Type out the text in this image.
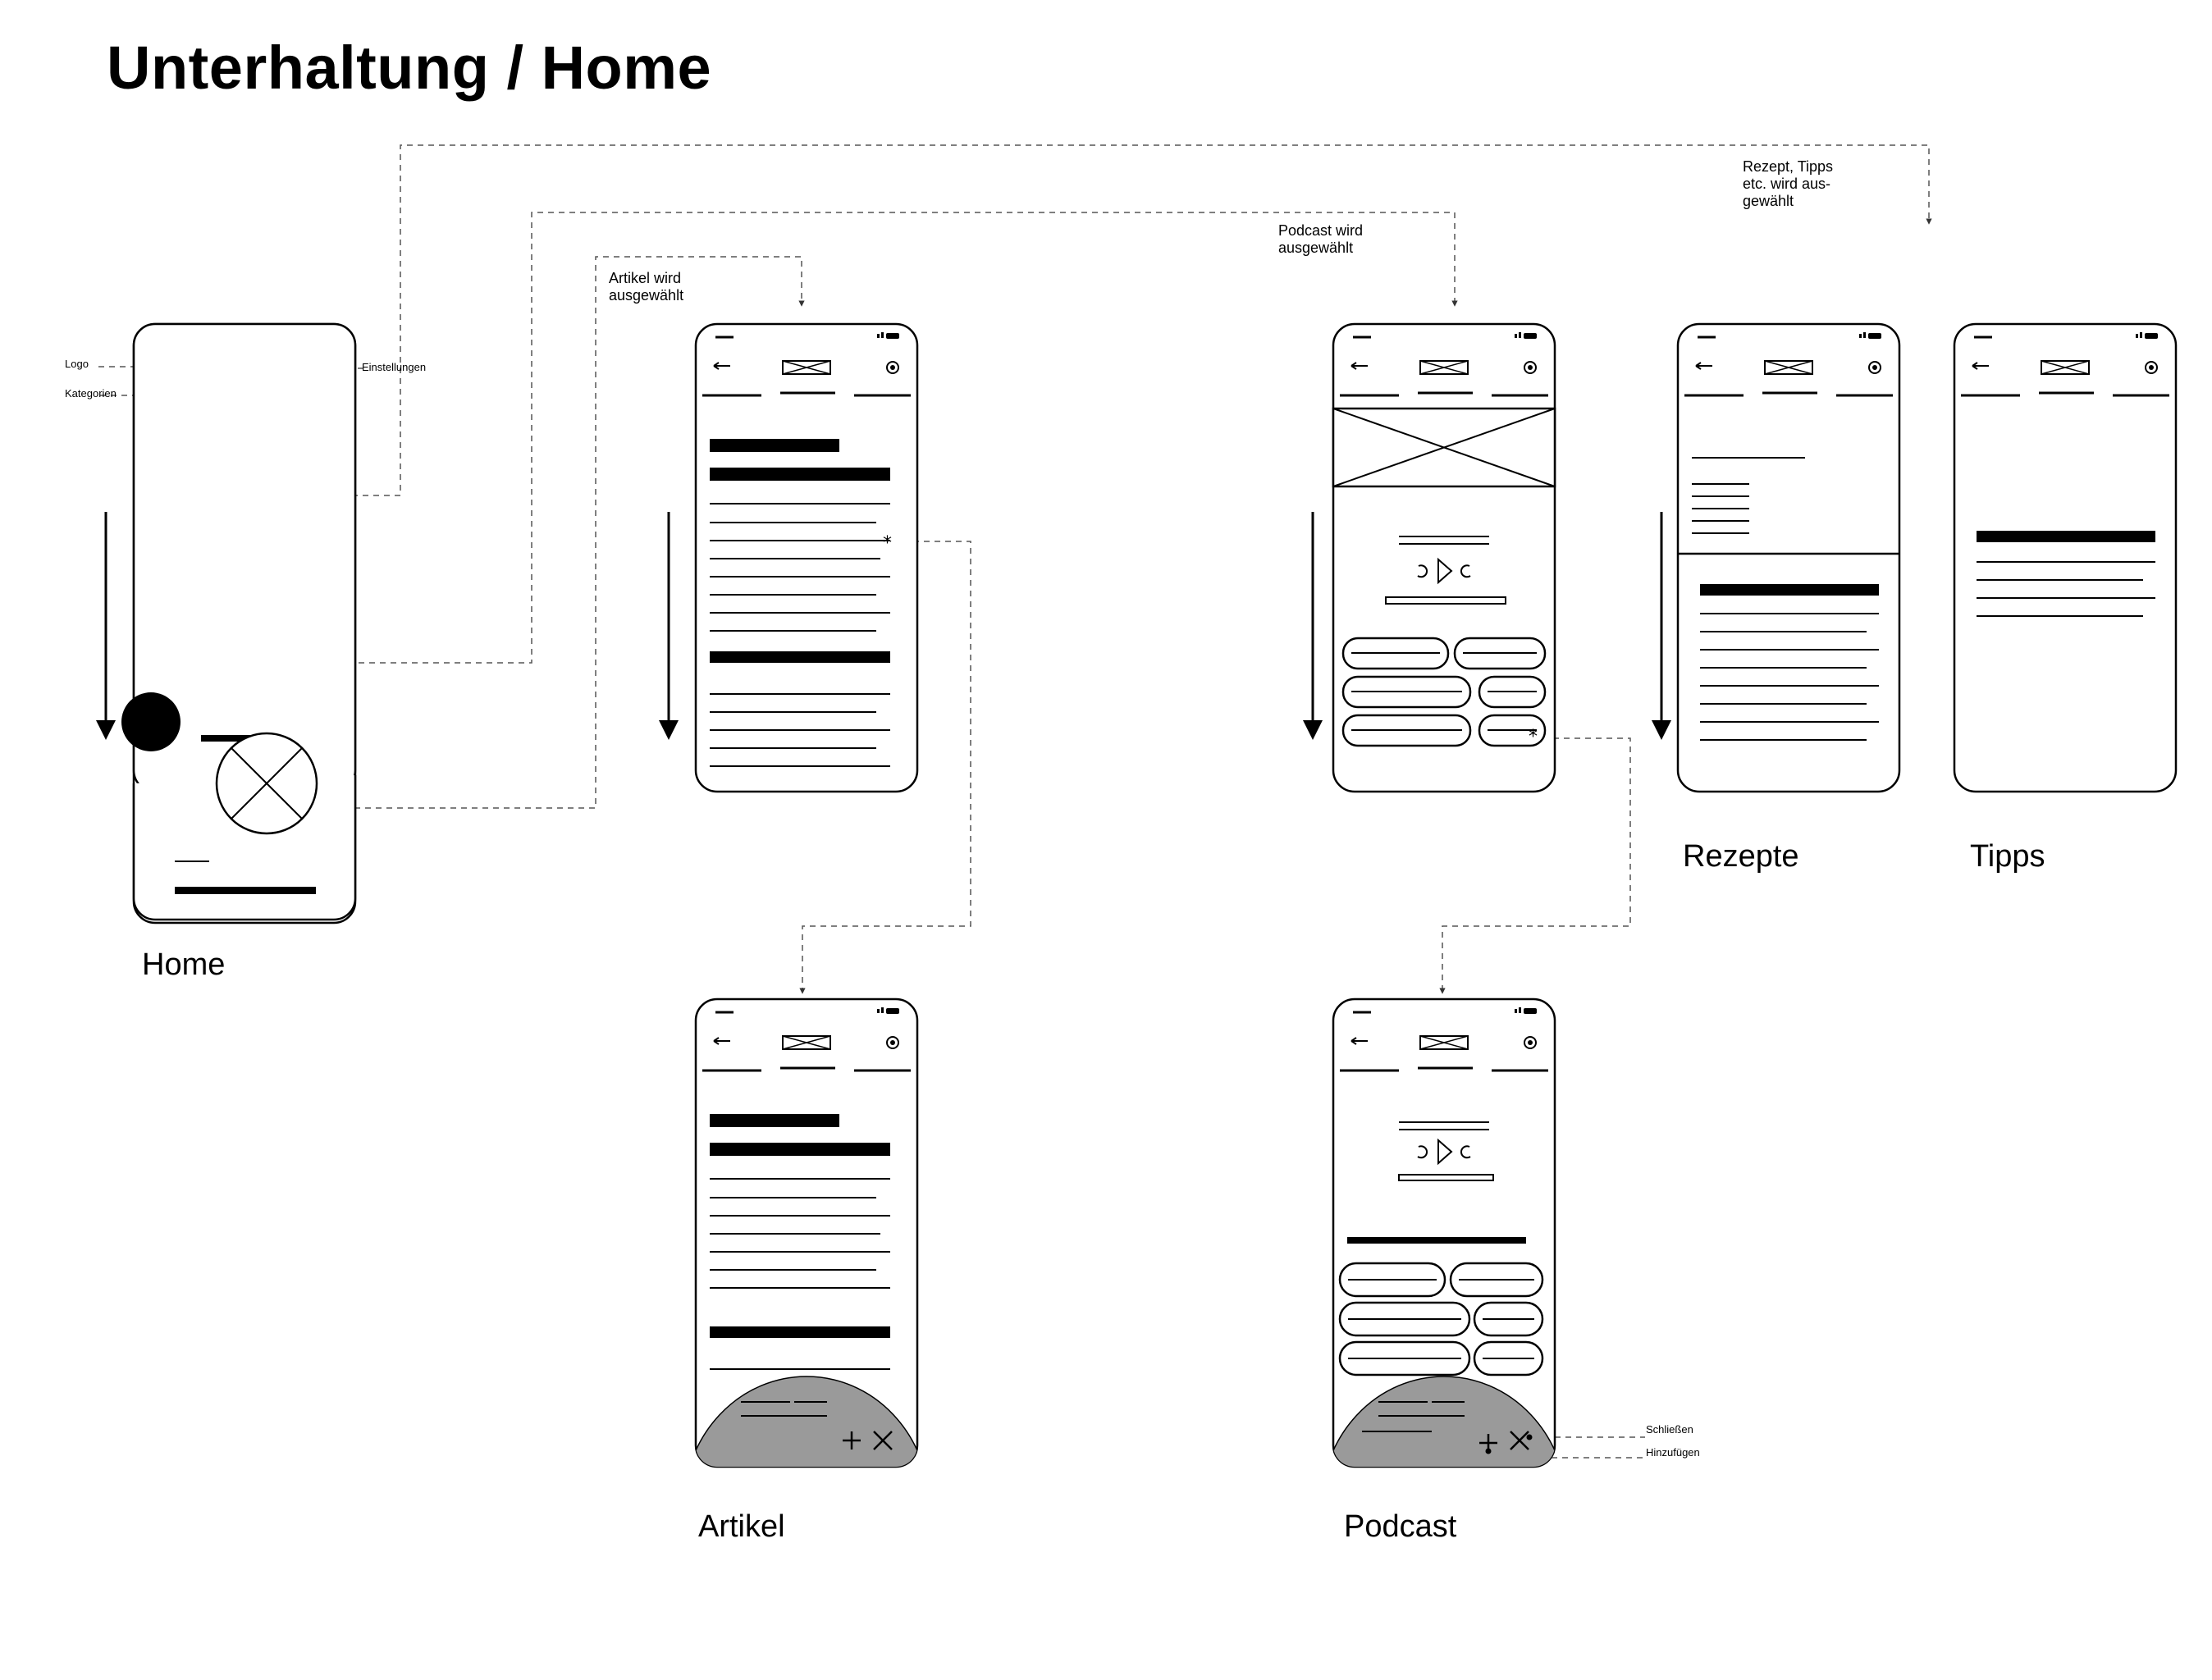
Unterhaltung / Home
*
*
Home
Artikel	Podcast
Rezepte	Tipps
Logo
Kategorien
Einstellungen
Artikel wird
ausgewählt
Podcast wird
ausgewählt
Rezept, Tipps
etc. wird aus-
gewählt
Schließen
Hinzufügen
